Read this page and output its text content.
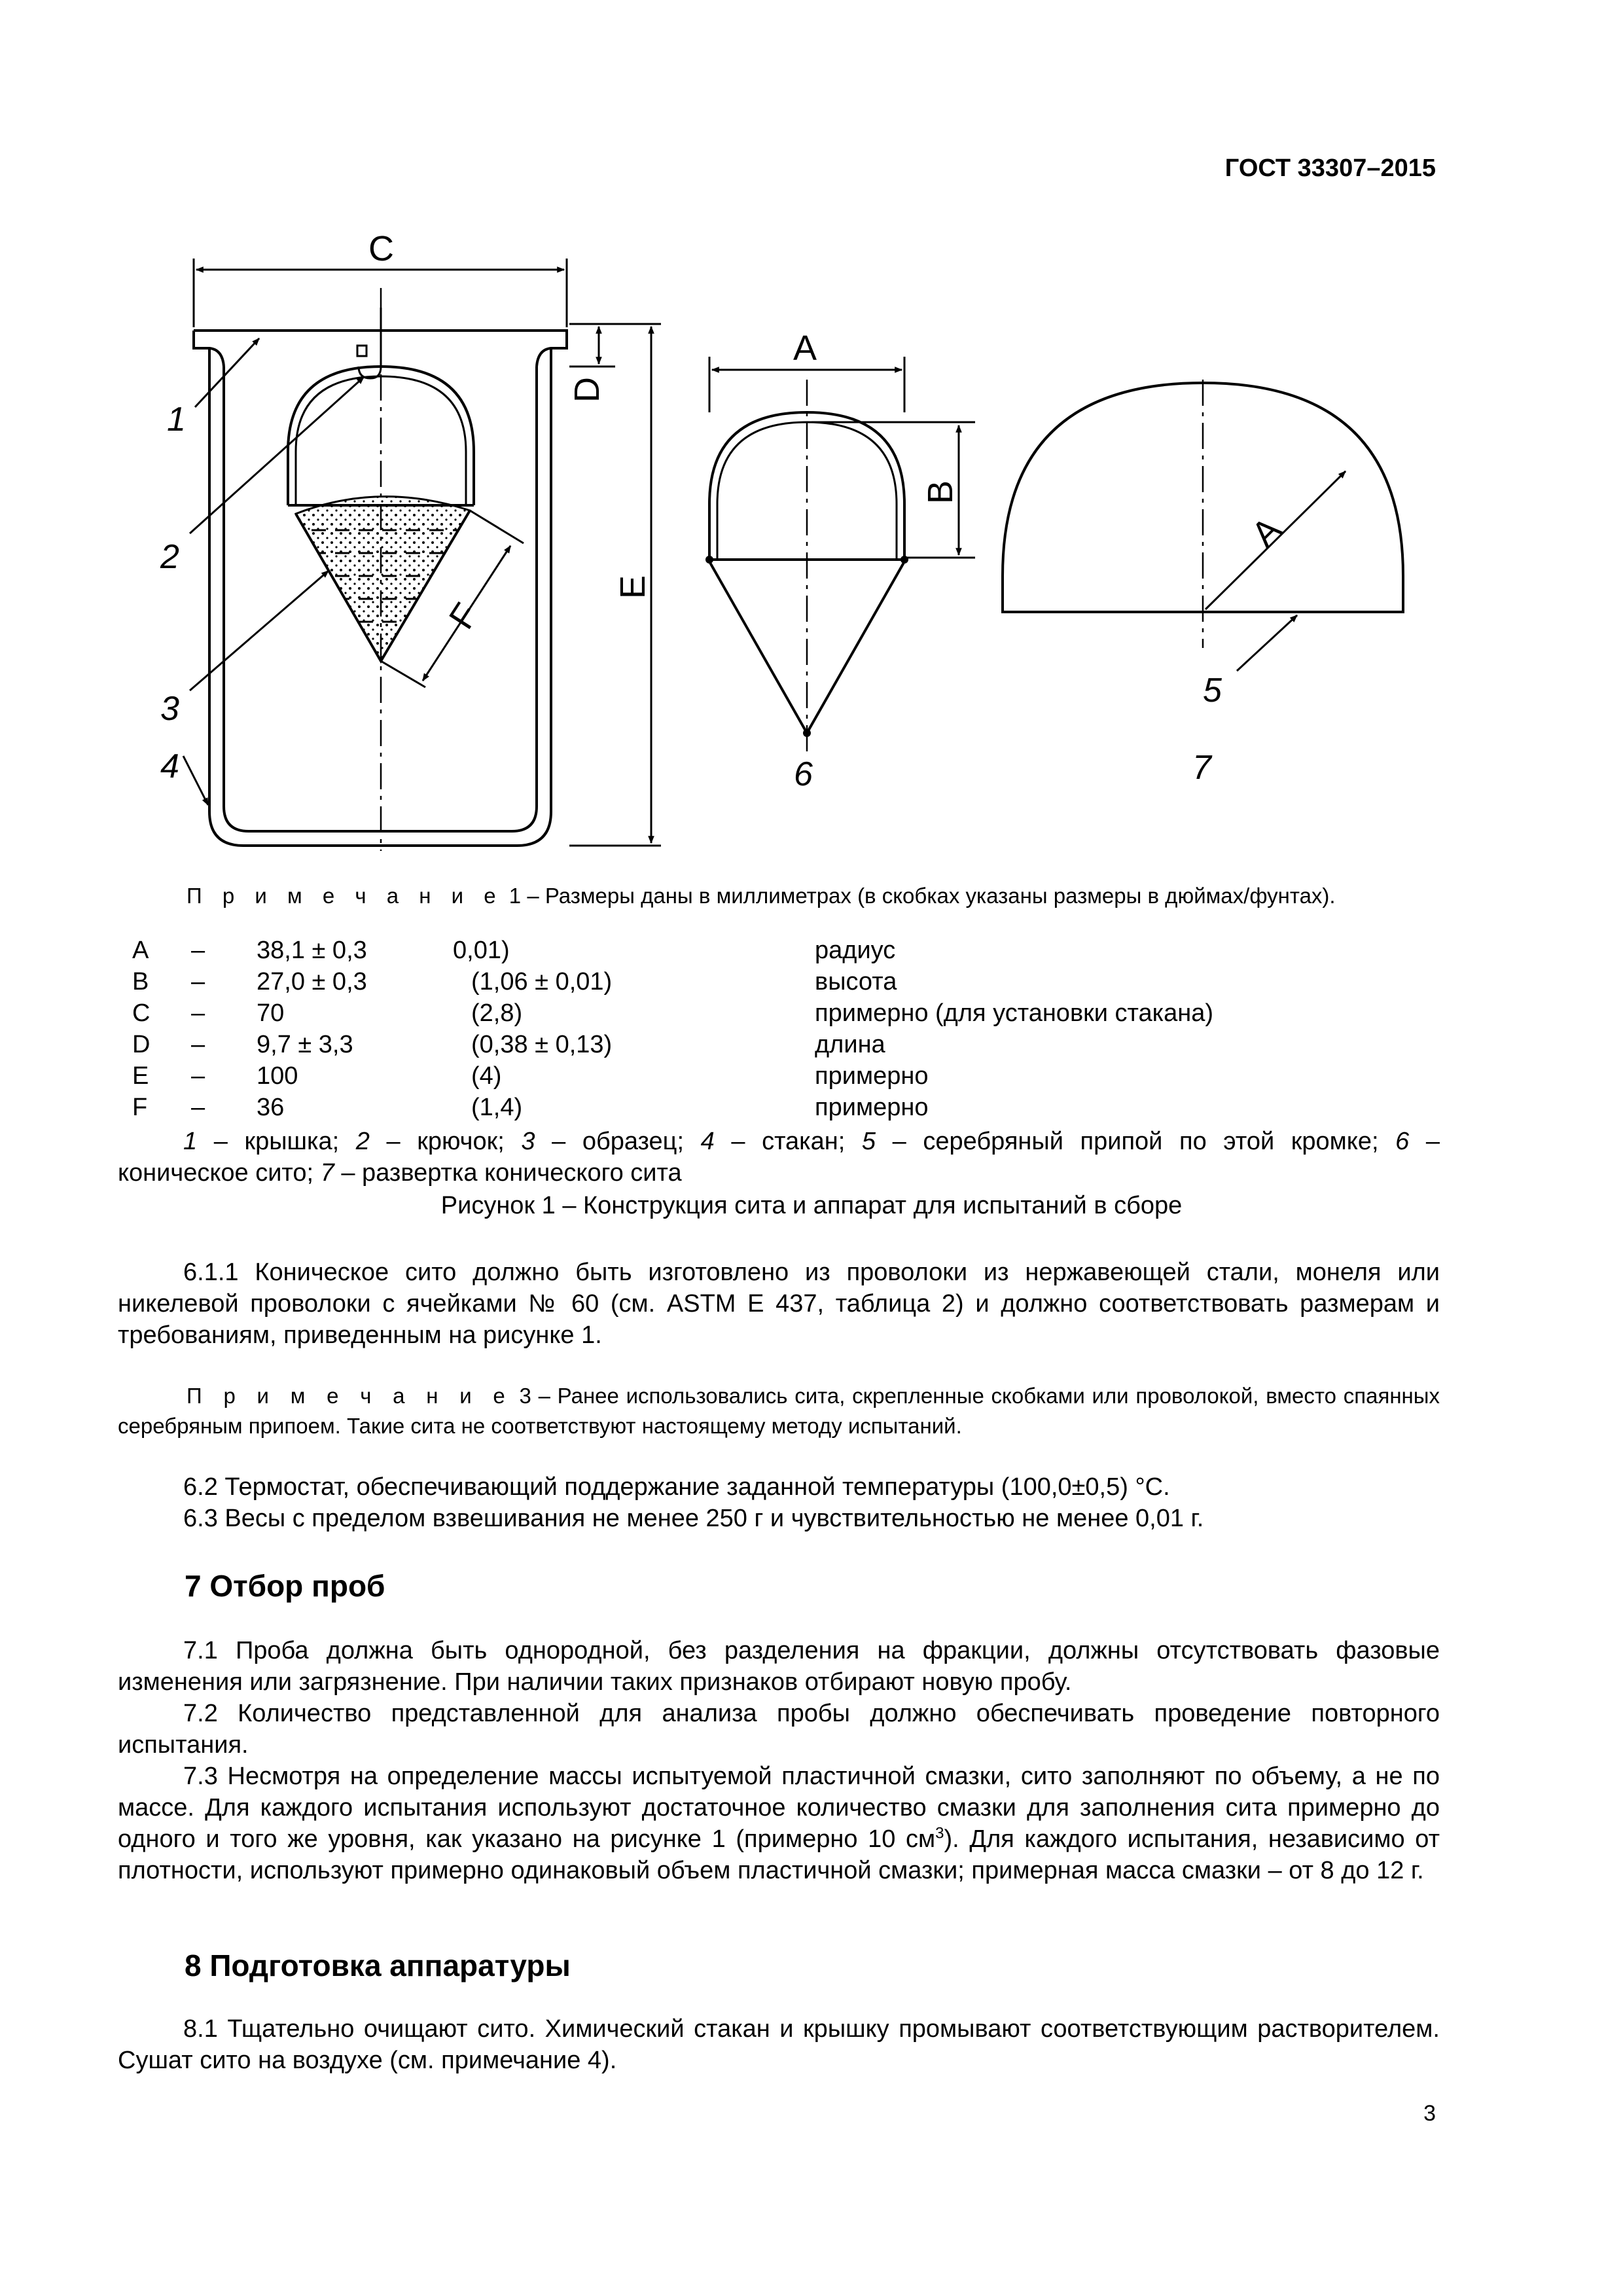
ГОСТ 33307–2015
C
D
E
F
A
B
A
1
2
3
4
5
6	7
П р и м е ч а н и е 1 – Размеры даны в миллиметрах (в скобках указаны размеры в дюймах/фунтах).
A	–	38,1 ± 0,3	0,01)	радиус
B	–	27,0 ± 0,3	(1,06 ± 0,01)	высота
C	–	70	(2,8)	примерно (для установки стакана)
D	–	9,7 ± 3,3	(0,38 ± 0,13)	длина
E	–	100	(4)	примерно
F	–	36	(1,4)	примерно
1 – крышка; 2 – крючок; 3 – образец; 4 – стакан; 5 – серебряный припой по этой кромке; 6 –
коническое сито; 7 – развертка конического сита
Рисунок 1 – Конструкция сита и аппарат для испытаний в сборе
6.1.1 Коническое сито должно быть изготовлено из проволоки из нержавеющей стали, монеля или никелевой проволоки с ячейками № 60 (см. ASTM E 437, таблица 2) и должно соответствовать размерам и требованиям, приведенным на рисунке 1.
П р и м е ч а н и е 3 – Ранее использовались сита, скрепленные скобками или проволокой, вместо спаянных серебряным припоем. Такие сита не соответствуют настоящему методу испытаний.
6.2 Термостат, обеспечивающий поддержание заданной температуры (100,0±0,5) °С.
6.3 Весы с пределом взвешивания не менее 250 г и чувствительностью не менее 0,01 г.
7 Отбор проб
7.1 Проба должна быть однородной, без разделения на фракции, должны отсутствовать фазовые изменения или загрязнение. При наличии таких признаков отбирают новую пробу.
7.2 Количество представленной для анализа пробы должно обеспечивать проведение повторного испытания.
7.3 Несмотря на определение массы испытуемой пластичной смазки, сито заполняют по объему, а не по массе. Для каждого испытания используют достаточное количество смазки для заполнения сита примерно до одного и того же уровня, как указано на рисунке 1 (примерно 10 $см^3$). Для каждого испытания, независимо от плотности, используют примерно одинаковый объем пластичной смазки; примерная масса смазки – от 8 до 12 г.
8 Подготовка аппаратуры
8.1 Тщательно очищают сито. Химический стакан и крышку промывают соответствующим растворителем. Сушат сито на воздухе (см. примечание 4).
3
